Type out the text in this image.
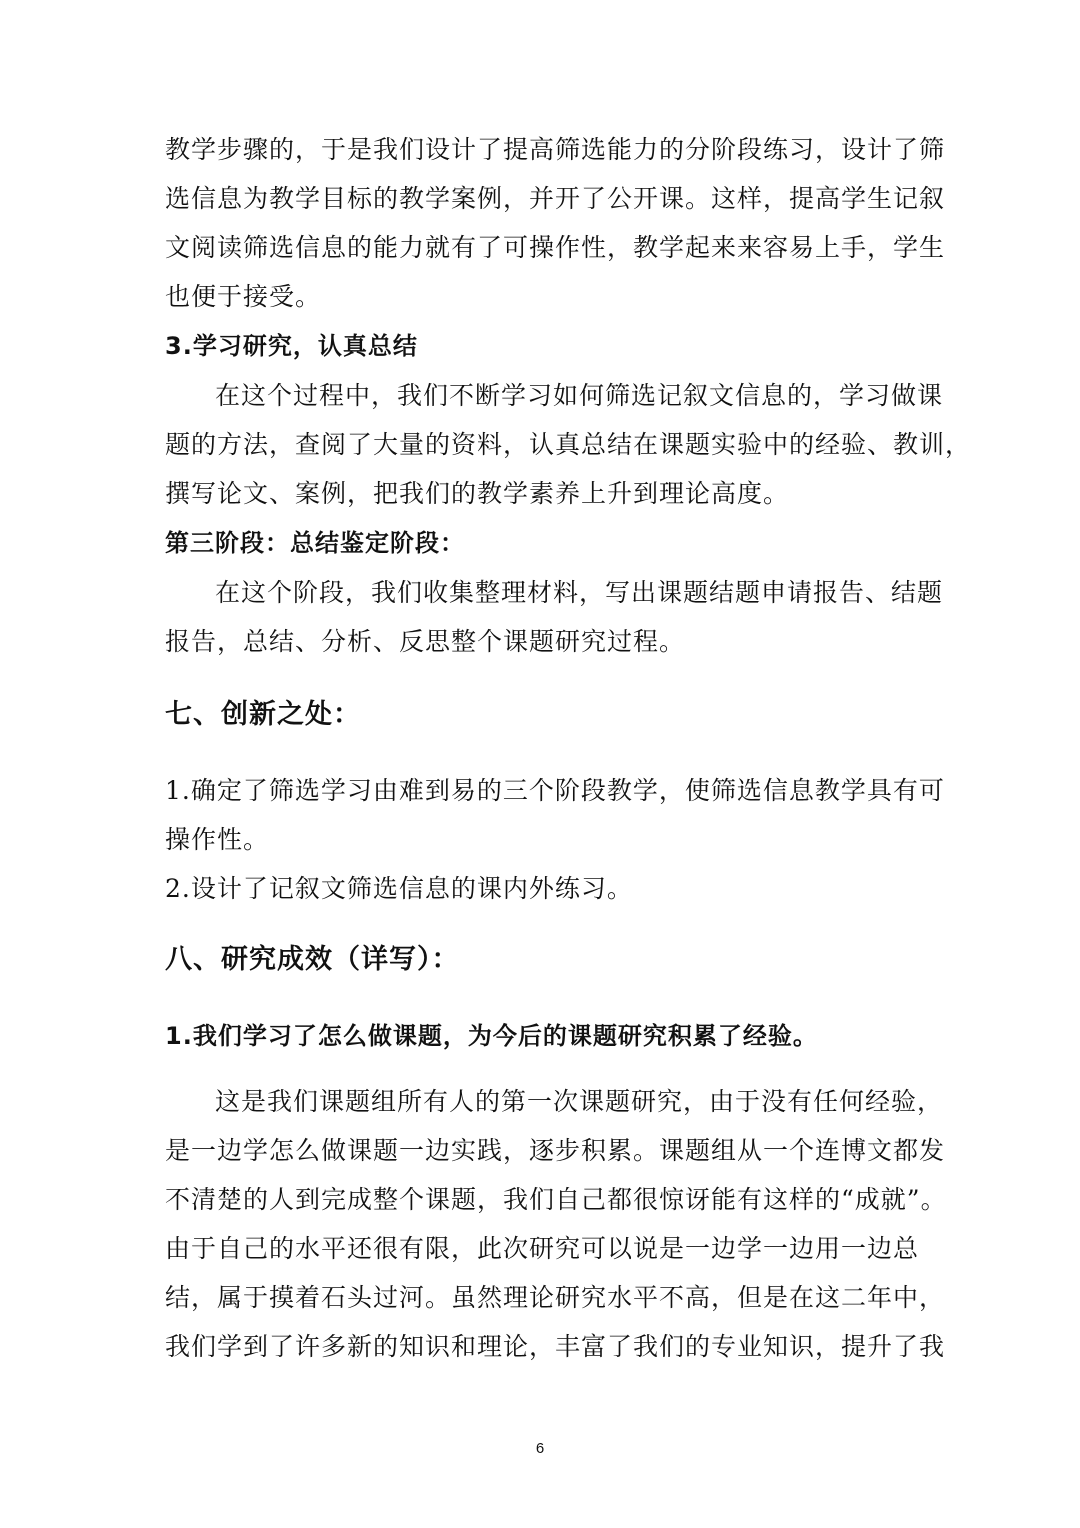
教学步骤的，于是我们设计了提高筛选能力的分阶段练习，设计了筛
选信息为教学目标的教学案例，并开了公开课。这样，提高学生记叙
文阅读筛选信息的能力就有了可操作性，教学起来来容易上手，学生
也便于接受。
3.学习研究，认真总结
在这个过程中，我们不断学习如何筛选记叙文信息的，学习做课
题的方法，查阅了大量的资料，认真总结在课题实验中的经验、教训，
撰写论文、案例，把我们的教学素养上升到理论高度。
第三阶段：总结鉴定阶段：
在这个阶段，我们收集整理材料，写出课题结题申请报告、结题
报告，总结、分析、反思整个课题研究过程。
七、创新之处：
1.确定了筛选学习由难到易的三个阶段教学，使筛选信息教学具有可
操作性。
2.设计了记叙文筛选信息的课内外练习。
八、研究成效（详写）：
1.我们学习了怎么做课题，为今后的课题研究积累了经验。
这是我们课题组所有人的第一次课题研究，由于没有任何经验，
是一边学怎么做课题一边实践，逐步积累。课题组从一个连博文都发
不清楚的人到完成整个课题，我们自己都很惊讶能有这样的“成就”。
由于自己的水平还很有限，此次研究可以说是一边学一边用一边总
结，属于摸着石头过河。虽然理论研究水平不高，但是在这二年中，
我们学到了许多新的知识和理论，丰富了我们的专业知识，提升了我
6
